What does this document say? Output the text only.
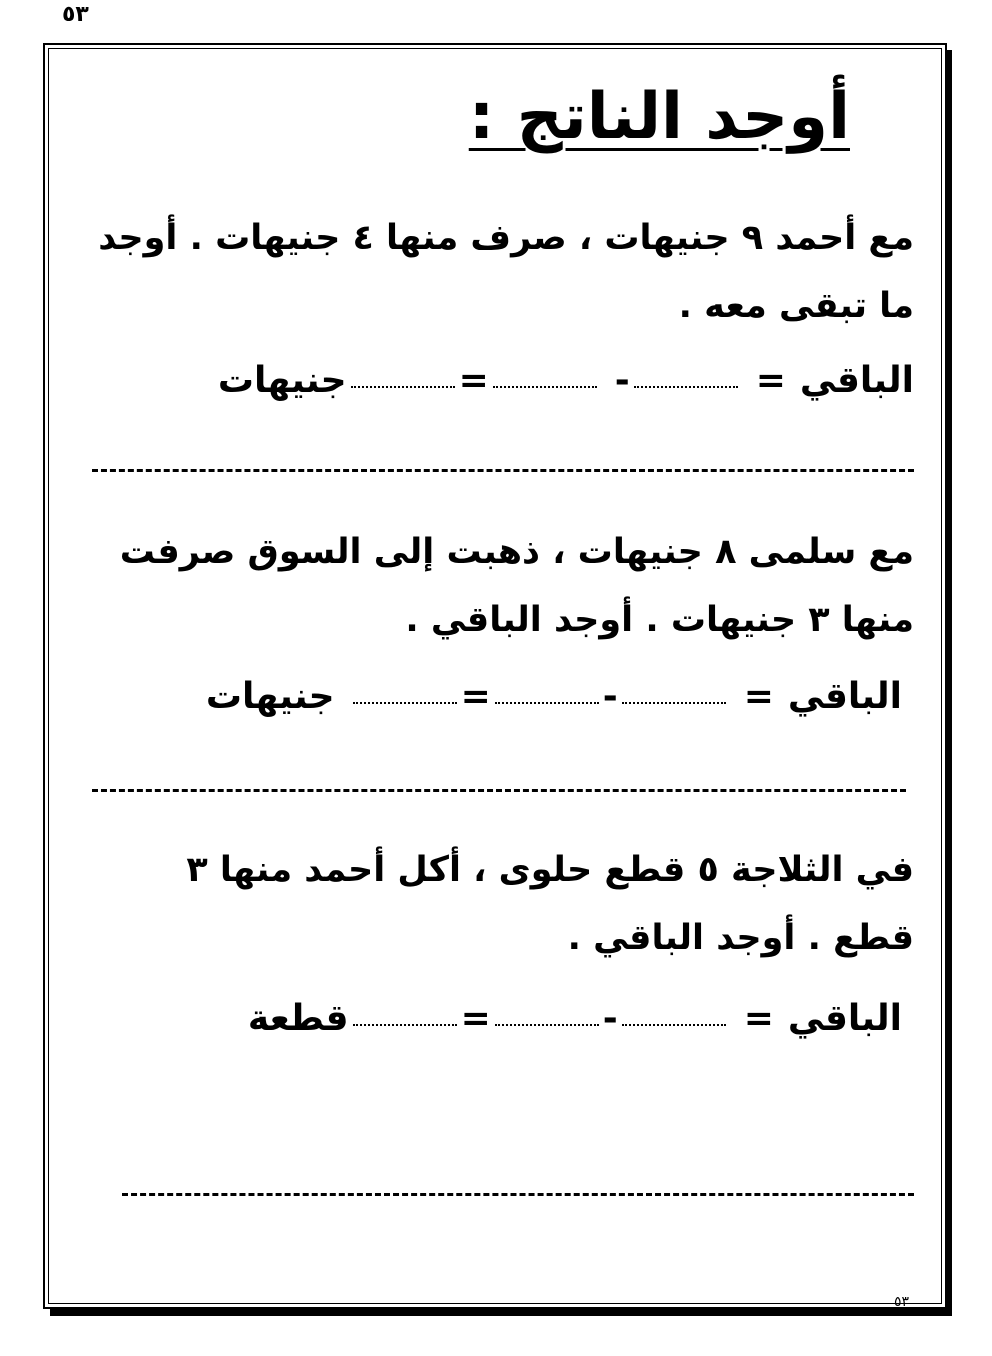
٥٣
أوجد الناتج :
مع أحمد ٩ جنيهات ، صرف منها ٤ جنيهات . أوجد ما تبقى معه .
الباقي
=
-
=
جنيهات
مع سلمى ٨ جنيهات ، ذهبت إلى السوق صرفت منها ٣ جنيهات . أوجد الباقي .
الباقي
=
-
=
جنيهات
في الثلاجة ٥ قطع حلوى ، أكل أحمد منها ٣ قطع . أوجد الباقي .
الباقي
=
-
=
قطعة
٥٣
